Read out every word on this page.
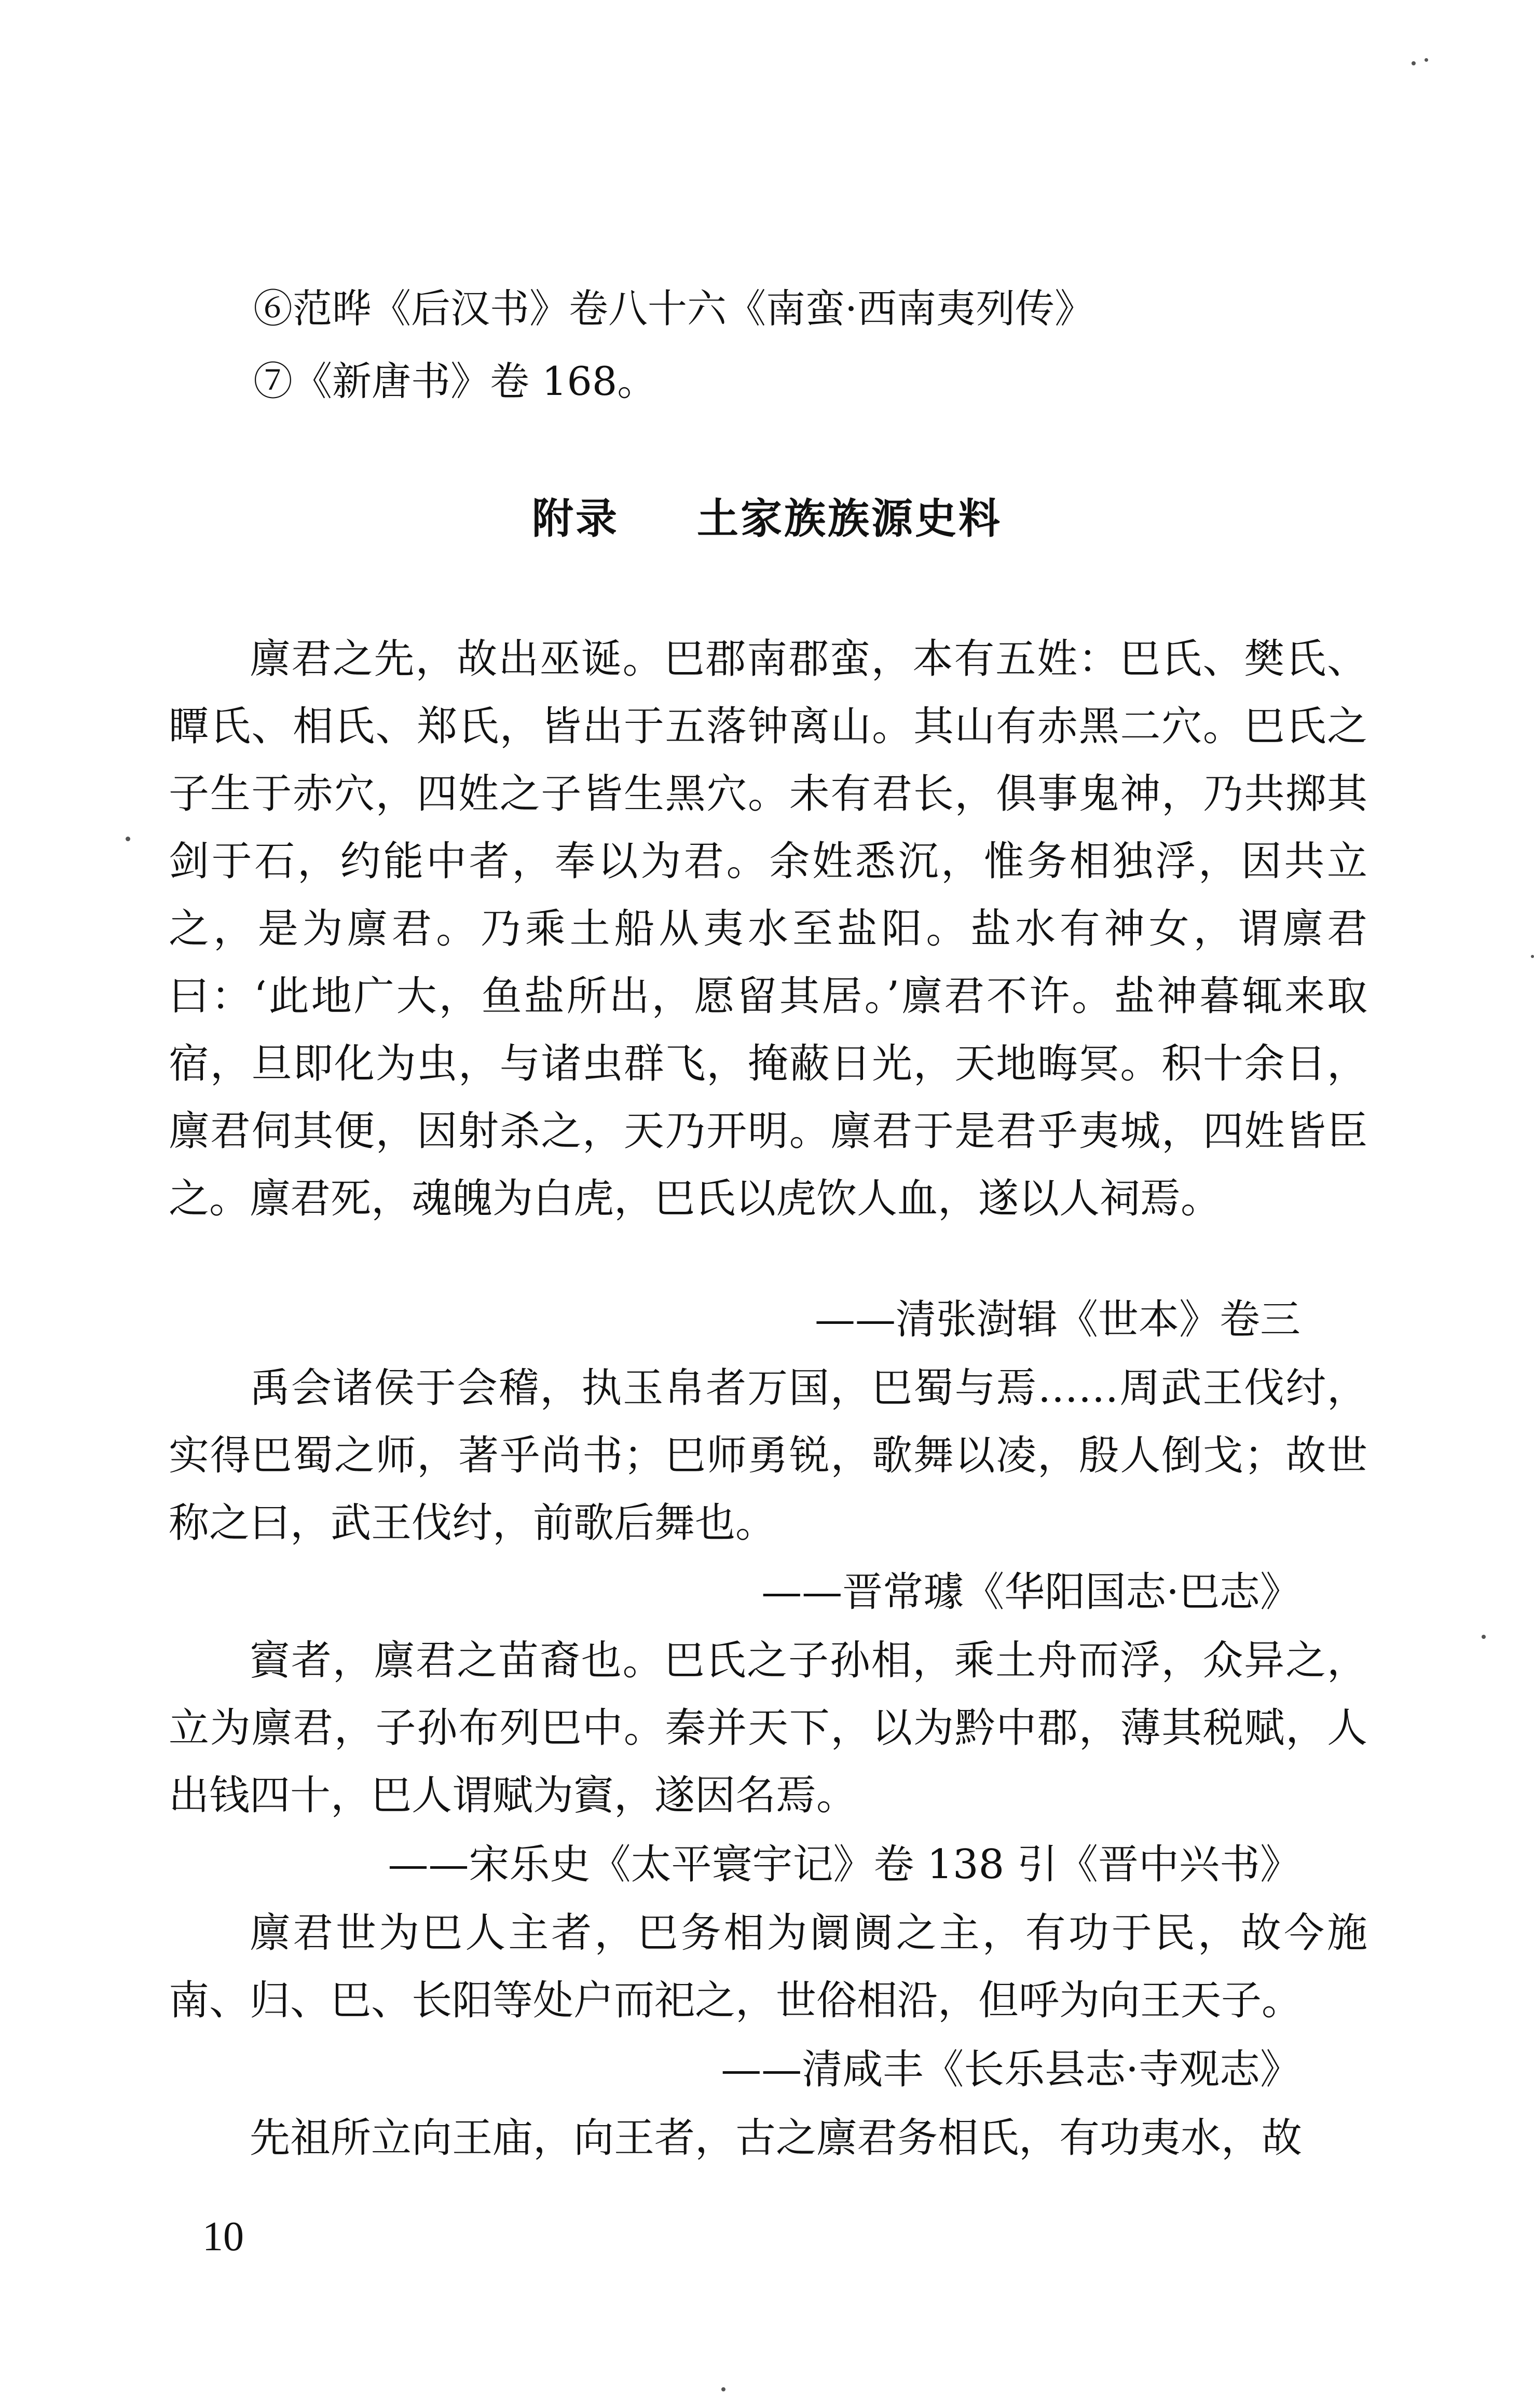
⑥范晔《后汉书》卷八十六《南蛮·西南夷列传》
⑦《新唐书》卷 168。
附录 土家族族源史料

廪君之先，故出巫诞。巴郡南郡蛮，本有五姓：巴氏、樊氏、瞫氏、相氏、郑氏，皆出于五落钟离山。其山有赤黑二穴。巴氏之子生于赤穴，四姓之子皆生黑穴。未有君长，俱事鬼神，乃共掷其剑于石，约能中者，奉以为君。余姓悉沉，惟务相独浮，因共立之，是为廪君。乃乘土船从夷水至盐阳。盐水有神女，谓廪君曰：‘此地广大，鱼盐所出，愿留其居。’廪君不许。盐神暮辄来取宿，旦即化为虫，与诸虫群飞，掩蔽日光，天地晦冥。积十余日，廪君伺其便，因射杀之，天乃开明。廪君于是君乎夷城，四姓皆臣之。廪君死，魂魄为白虎，巴氏以虎饮人血，遂以人祠焉。

——清张澍辑《世本》卷三

禹会诸侯于会稽，执玉帛者万国，巴蜀与焉……周武王伐纣，实得巴蜀之师，著乎尚书；巴师勇锐，歌舞以凌，殷人倒戈；故世称之曰，武王伐纣，前歌后舞也。

——晋常璩《华阳国志·巴志》

賨者，廪君之苗裔也。巴氏之子孙相，乘土舟而浮，众异之，立为廪君，子孙布列巴中。秦并天下，以为黔中郡，薄其税赋，人出钱四十，巴人谓赋为賨，遂因名焉。

——宋乐史《太平寰宇记》卷 138 引《晋中兴书》

廪君世为巴人主者，巴务相为阛阓之主，有功于民，故今施南、归、巴、长阳等处户而祀之，世俗相沿，但呼为向王天子。

——清咸丰《长乐县志·寺观志》

先祖所立向王庙，向王者，古之廪君务相氏，有功夷水，故

10
